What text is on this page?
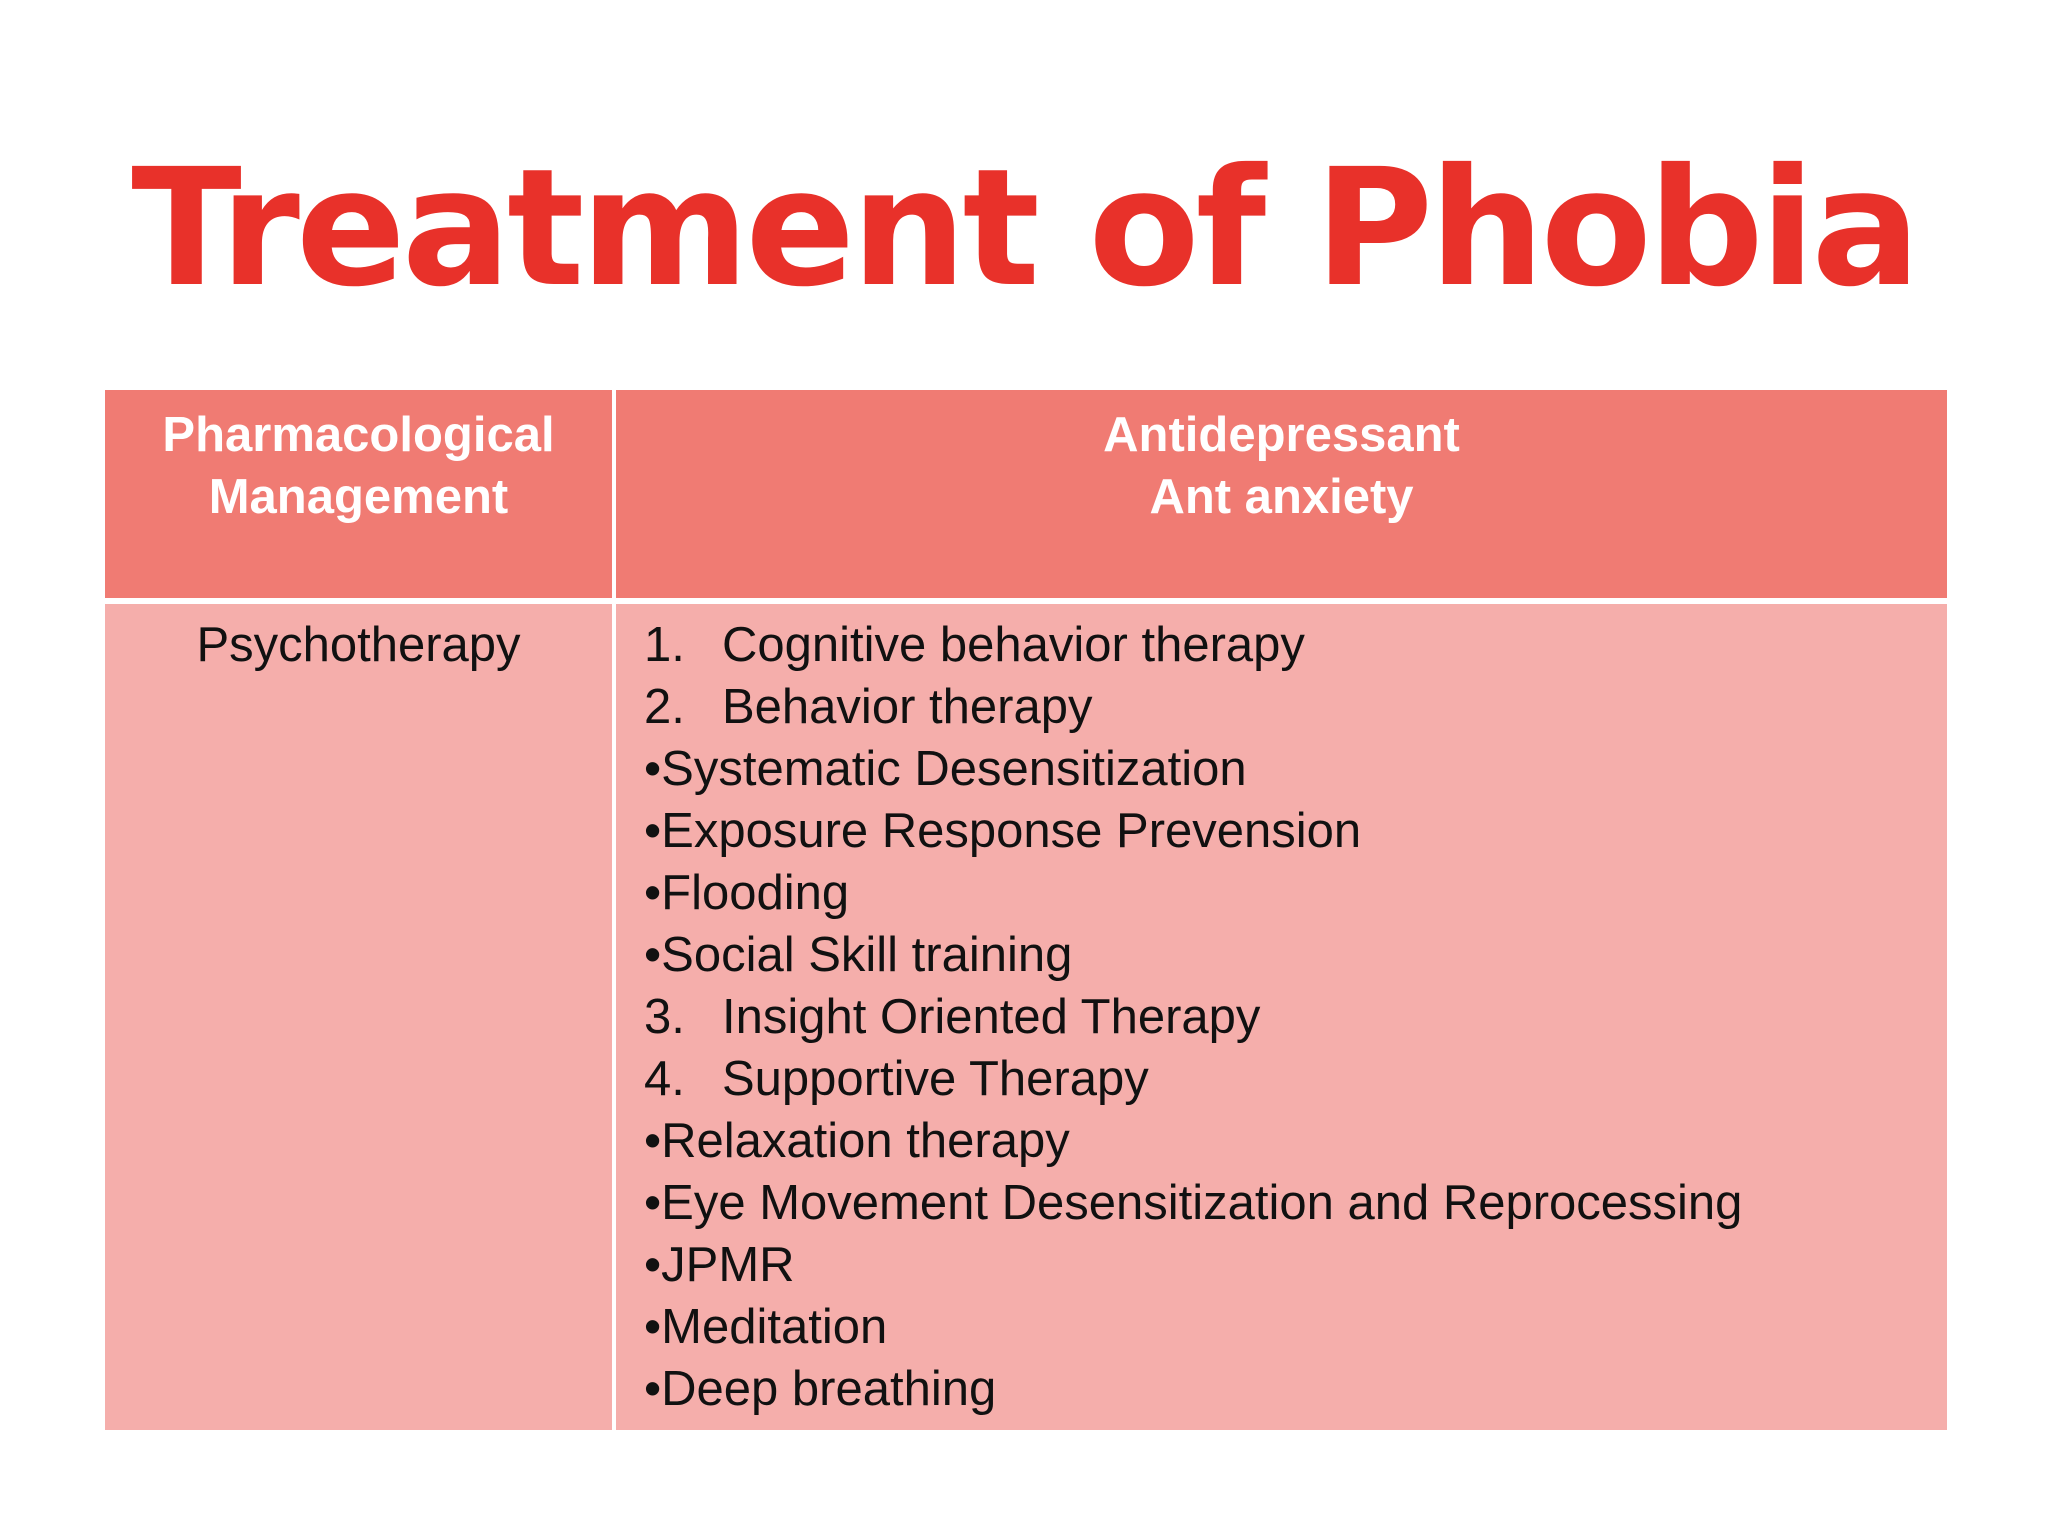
Treatment of Phobia
Pharmacological
Management
Antidepressant
Ant anxiety
Psychotherapy	1. Cognitive behavior therapy
2. Behavior therapy
•Systematic Desensitization
•Exposure Response Prevension
•Flooding
•Social Skill training
3. Insight Oriented Therapy
4. Supportive Therapy
•Relaxation therapy
•Eye Movement Desensitization and Reprocessing
•JPMR
•Meditation
•Deep breathing
